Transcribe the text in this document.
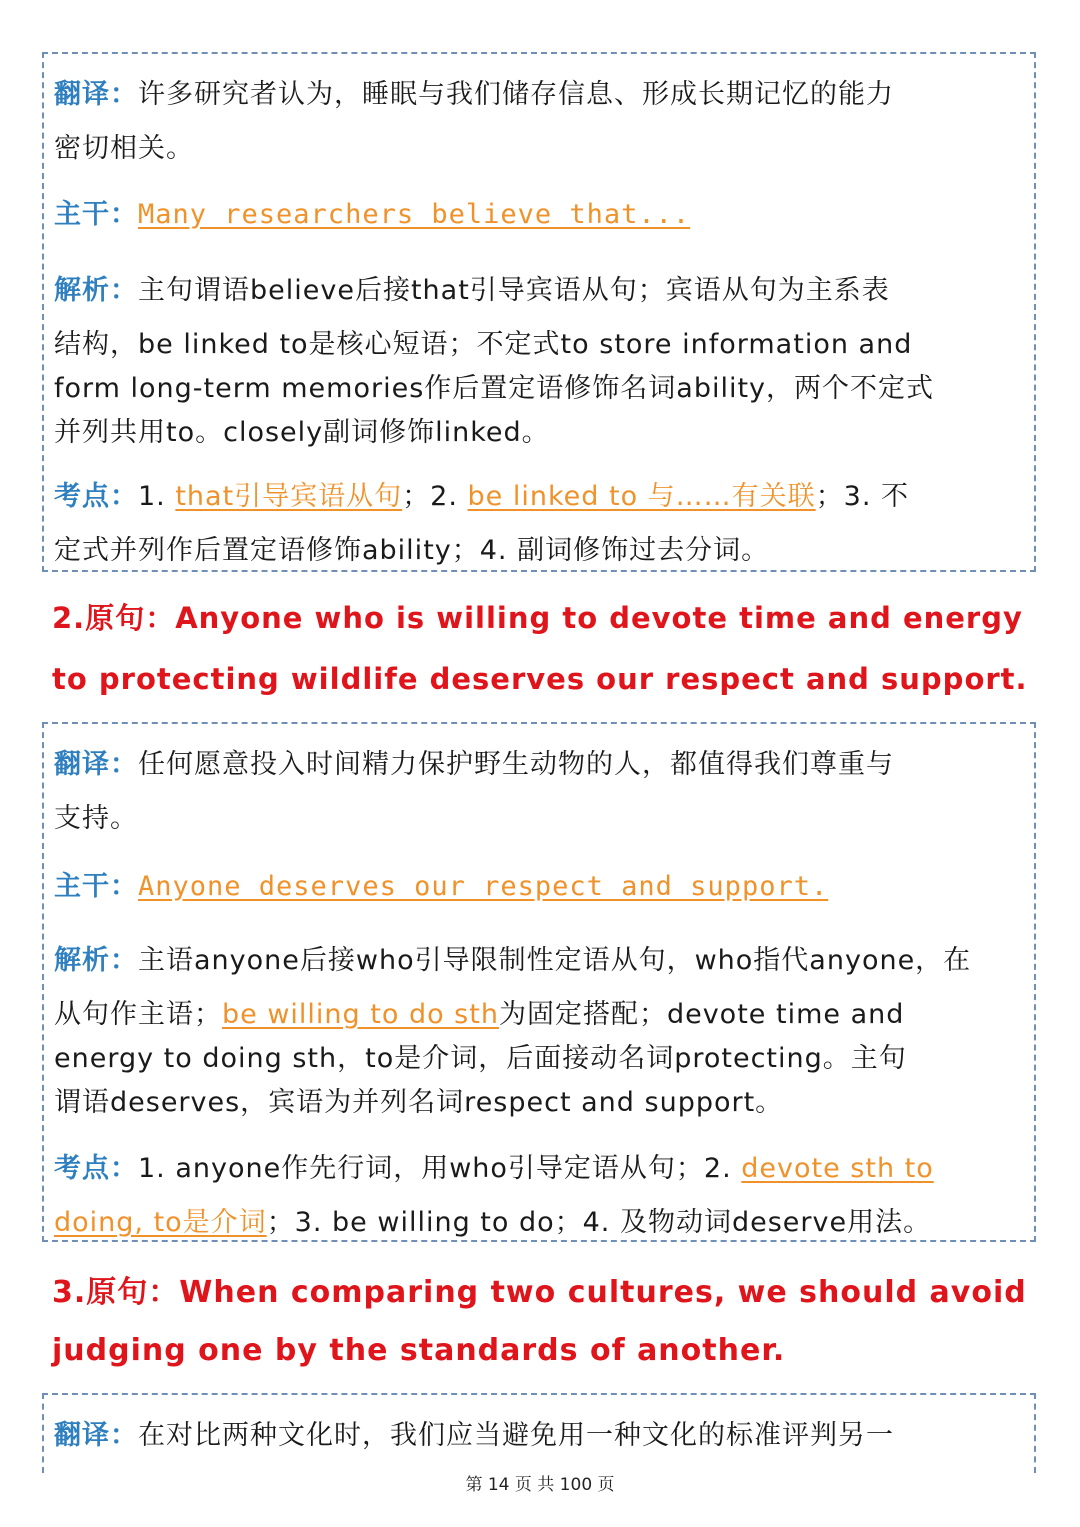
翻译：许多研究者认为，睡眠与我们储存信息、形成长期记忆的能力
密切相关。
主干：Many researchers believe that...
解析：主句谓语believe后接that引导宾语从句；宾语从句为主系表
结构，be linked to是核心短语；不定式to store information and
form long-term memories作后置定语修饰名词ability，两个不定式
并列共用to。closely副词修饰linked。
考点：1. that引导宾语从句；2. be linked to 与……有关联；3. 不
定式并列作后置定语修饰ability；4. 副词修饰过去分词。
2.原句：Anyone who is willing to devote time and energy
to protecting wildlife deserves our respect and support.
翻译：任何愿意投入时间精力保护野生动物的人，都值得我们尊重与
支持。
主干：Anyone deserves our respect and support.
解析：主语anyone后接who引导限制性定语从句，who指代anyone，在
从句作主语；be willing to do sth为固定搭配；devote time and
energy to doing sth，to是介词，后面接动名词protecting。主句
谓语deserves，宾语为并列名词respect and support。
考点：1. anyone作先行词，用who引导定语从句；2. devote sth to
doing, to是介词；3. be willing to do；4. 及物动词deserve用法。
3.原句：When comparing two cultures, we should avoid
judging one by the standards of another.
翻译：在对比两种文化时，我们应当避免用一种文化的标准评判另一
第 14 页 共 100 页
